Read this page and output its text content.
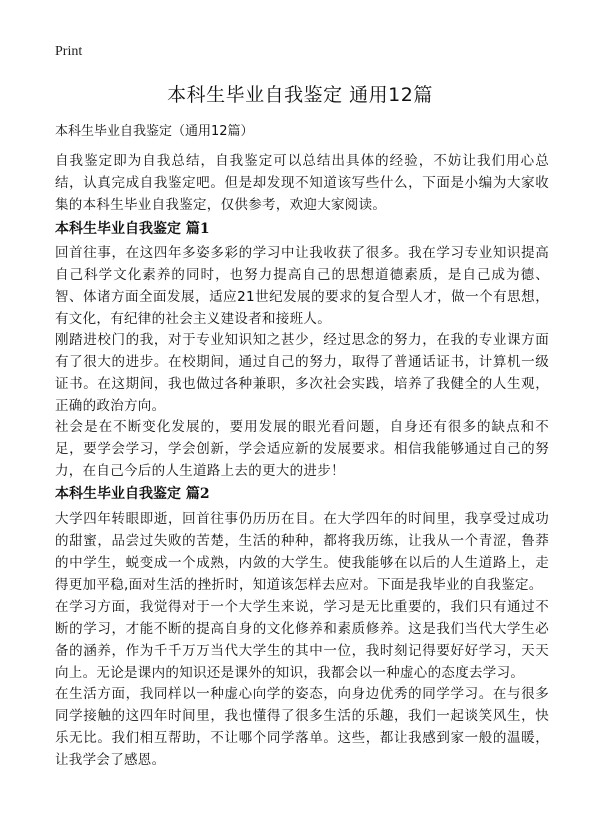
Print
本科生毕业自我鉴定 通用12篇

本科生毕业自我鉴定（通用12篇）

自我鉴定即为自我总结，自我鉴定可以总结出具体的经验，不妨让我们用心总结，认真完成自我鉴定吧。但是却发现不知道该写些什么，下面是小编为大家收集的本科生毕业自我鉴定，仅供参考，欢迎大家阅读。

本科生毕业自我鉴定 篇1

回首往事，在这四年多姿多彩的学习中让我收获了很多。我在学习专业知识提高自己科学文化素养的同时，也努力提高自己的思想道德素质，是自己成为德、智、体诸方面全面发展，适应21世纪发展的要求的复合型人才，做一个有思想，有文化，有纪律的社会主义建设者和接班人。

刚踏进校门的我，对于专业知识知之甚少，经过思念的努力，在我的专业课方面有了很大的进步。在校期间，通过自己的努力，取得了普通话证书，计算机一级证书。在这期间，我也做过各种兼职，多次社会实践，培养了我健全的人生观，正确的政治方向。

社会是在不断变化发展的，要用发展的眼光看问题，自身还有很多的缺点和不足，要学会学习，学会创新，学会适应新的发展要求。相信我能够通过自己的努力，在自己今后的人生道路上去的更大的进步！

本科生毕业自我鉴定 篇2

大学四年转眼即逝，回首往事仍历历在目。在大学四年的时间里，我享受过成功的甜蜜，品尝过失败的苦楚，生活的种种，都将我历练，让我从一个青涩，鲁莽的中学生，蜕变成一个成熟，内敛的大学生。使我能够在以后的人生道路上，走得更加平稳,面对生活的挫折时，知道该怎样去应对。下面是我毕业的自我鉴定。

在学习方面，我觉得对于一个大学生来说，学习是无比重要的，我们只有通过不断的学习，才能不断的提高自身的文化修养和素质修养。这是我们当代大学生必备的涵养，作为千千万万当代大学生的其中一位，我时刻记得要好好学习，天天向上。无论是课内的知识还是课外的知识，我都会以一种虚心的态度去学习。

在生活方面，我同样以一种虚心向学的姿态，向身边优秀的同学学习。在与很多同学接触的这四年时间里，我也懂得了很多生活的乐趣，我们一起谈笑风生，快乐无比。我们相互帮助，不让哪个同学落单。这些，都让我感到家一般的温暖，让我学会了感恩。
